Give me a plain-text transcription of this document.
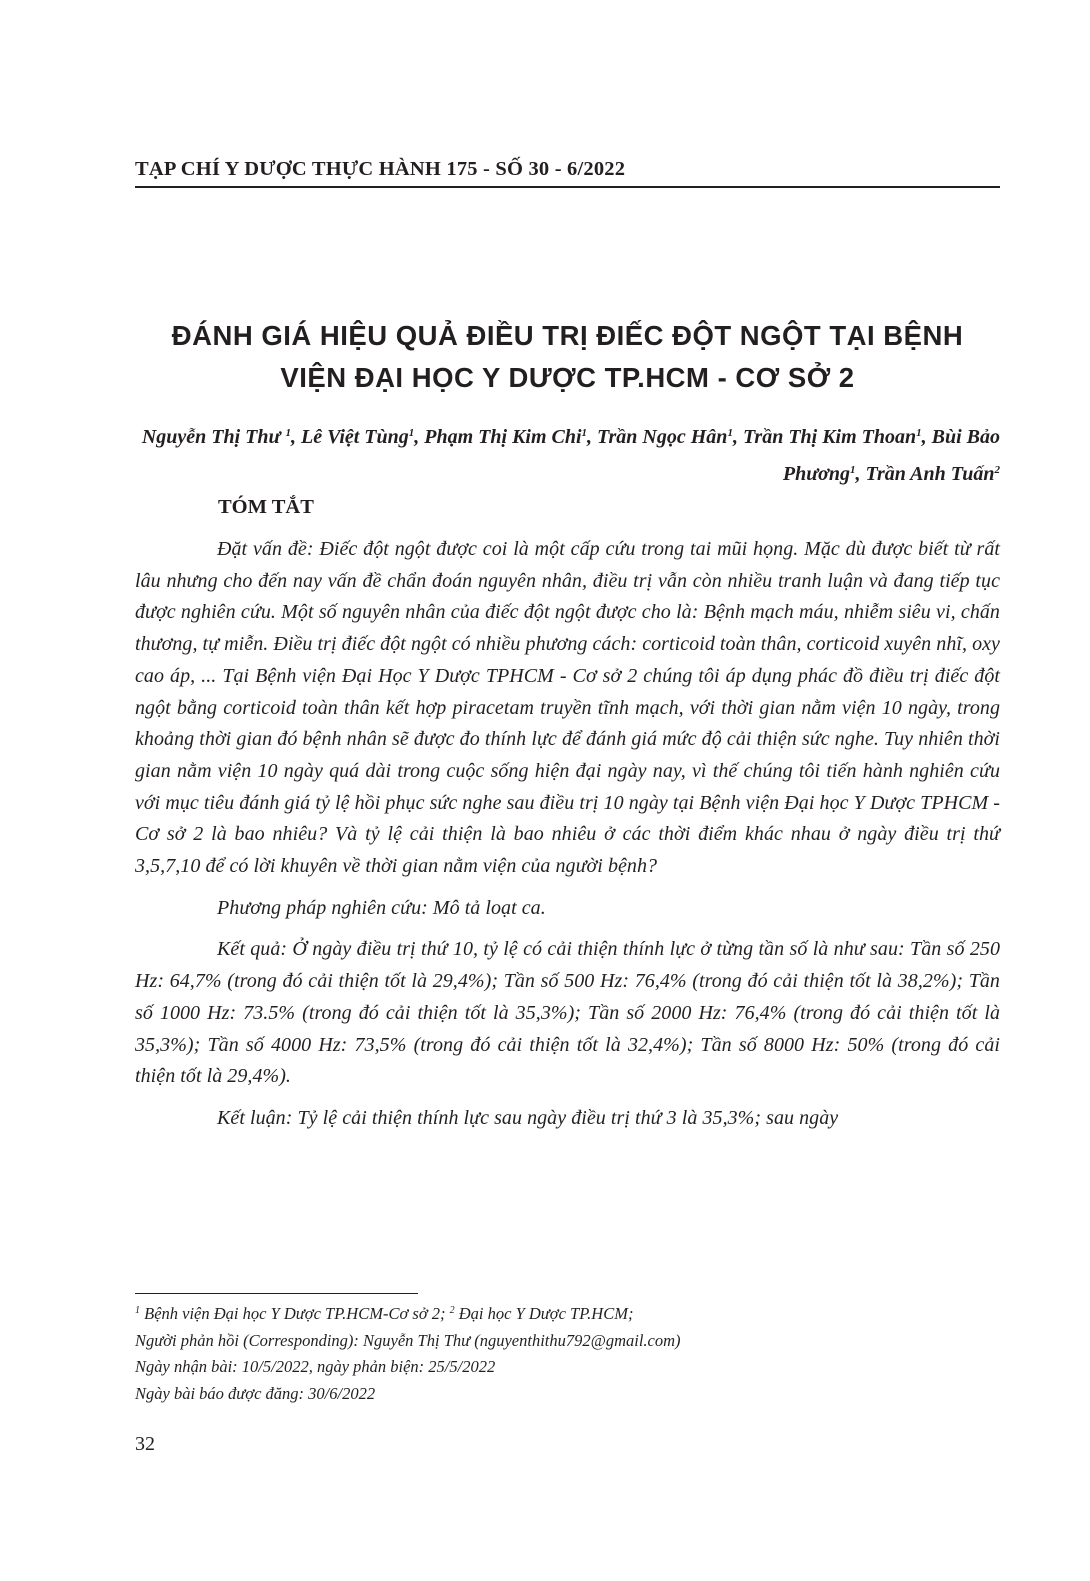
TẠP CHÍ Y DƯỢC THỰC HÀNH 175 - SỐ 30 - 6/2022
ĐÁNH GIÁ HIỆU QUẢ ĐIỀU TRỊ ĐIẾC ĐỘT NGỘT TẠI BỆNH
VIỆN ĐẠI HỌC Y DƯỢC TP.HCM - CƠ SỞ 2
Nguyễn Thị Thư $^1$, Lê Việt Tùng$^1$, Phạm Thị Kim Chi$^1$, Trần Ngọc Hân$^1$, Trần Thị Kim Thoan$^1$, Bùi Bảo Phương$^1$, Trần Anh Tuấn$^2$
TÓM TẮT

Đặt vấn đề: Điếc đột ngột được coi là một cấp cứu trong tai mũi họng. Mặc dù được biết từ rất lâu nhưng cho đến nay vấn đề chẩn đoán nguyên nhân, điều trị vẫn còn nhiều tranh luận và đang tiếp tục được nghiên cứu. Một số nguyên nhân của điếc đột ngột được cho là: Bệnh mạch máu, nhiễm siêu vi, chấn thương, tự miễn. Điều trị điếc đột ngột có nhiều phương cách: corticoid toàn thân, corticoid xuyên nhĩ, oxy cao áp, ... Tại Bệnh viện Đại Học Y Dược TPHCM - Cơ sở 2 chúng tôi áp dụng phác đồ điều trị điếc đột ngột bằng corticoid toàn thân kết hợp piracetam truyền tĩnh mạch, với thời gian nằm viện 10 ngày, trong khoảng thời gian đó bệnh nhân sẽ được đo thính lực để đánh giá mức độ cải thiện sức nghe. Tuy nhiên thời gian nằm viện 10 ngày quá dài trong cuộc sống hiện đại ngày nay, vì thế chúng tôi tiến hành nghiên cứu với mục tiêu đánh giá tỷ lệ hồi phục sức nghe sau điều trị 10 ngày tại Bệnh viện Đại học Y Dược TPHCM - Cơ sở 2 là bao nhiêu? Và tỷ lệ cải thiện là bao nhiêu ở các thời điểm khác nhau ở ngày điều trị thứ 3,5,7,10 để có lời khuyên về thời gian nằm viện của người bệnh?

Phương pháp nghiên cứu: Mô tả loạt ca.

Kết quả: Ở ngày điều trị thứ 10, tỷ lệ có cải thiện thính lực ở từng tần số là như sau: Tần số 250 Hz: 64,7% (trong đó cải thiện tốt là 29,4%); Tần số 500 Hz: 76,4% (trong đó cải thiện tốt là 38,2%); Tần số 1000 Hz: 73.5% (trong đó cải thiện tốt là 35,3%); Tần số 2000 Hz: 76,4% (trong đó cải thiện tốt là 35,3%); Tần số 4000 Hz: 73,5% (trong đó cải thiện tốt là 32,4%); Tần số 8000 Hz: 50% (trong đó cải thiện tốt là 29,4%).

Kết luận: Tỷ lệ cải thiện thính lực sau ngày điều trị thứ 3 là 35,3%; sau ngày

$^1$ Bệnh viện Đại học Y Dược TP.HCM-Cơ sở 2; $^2$ Đại học Y Dược TP.HCM;
Người phản hồi (Corresponding): Nguyễn Thị Thư (nguyenthithu792@gmail.com)
Ngày nhận bài: 10/5/2022, ngày phản biện: 25/5/2022
Ngày bài báo được đăng: 30/6/2022
32
